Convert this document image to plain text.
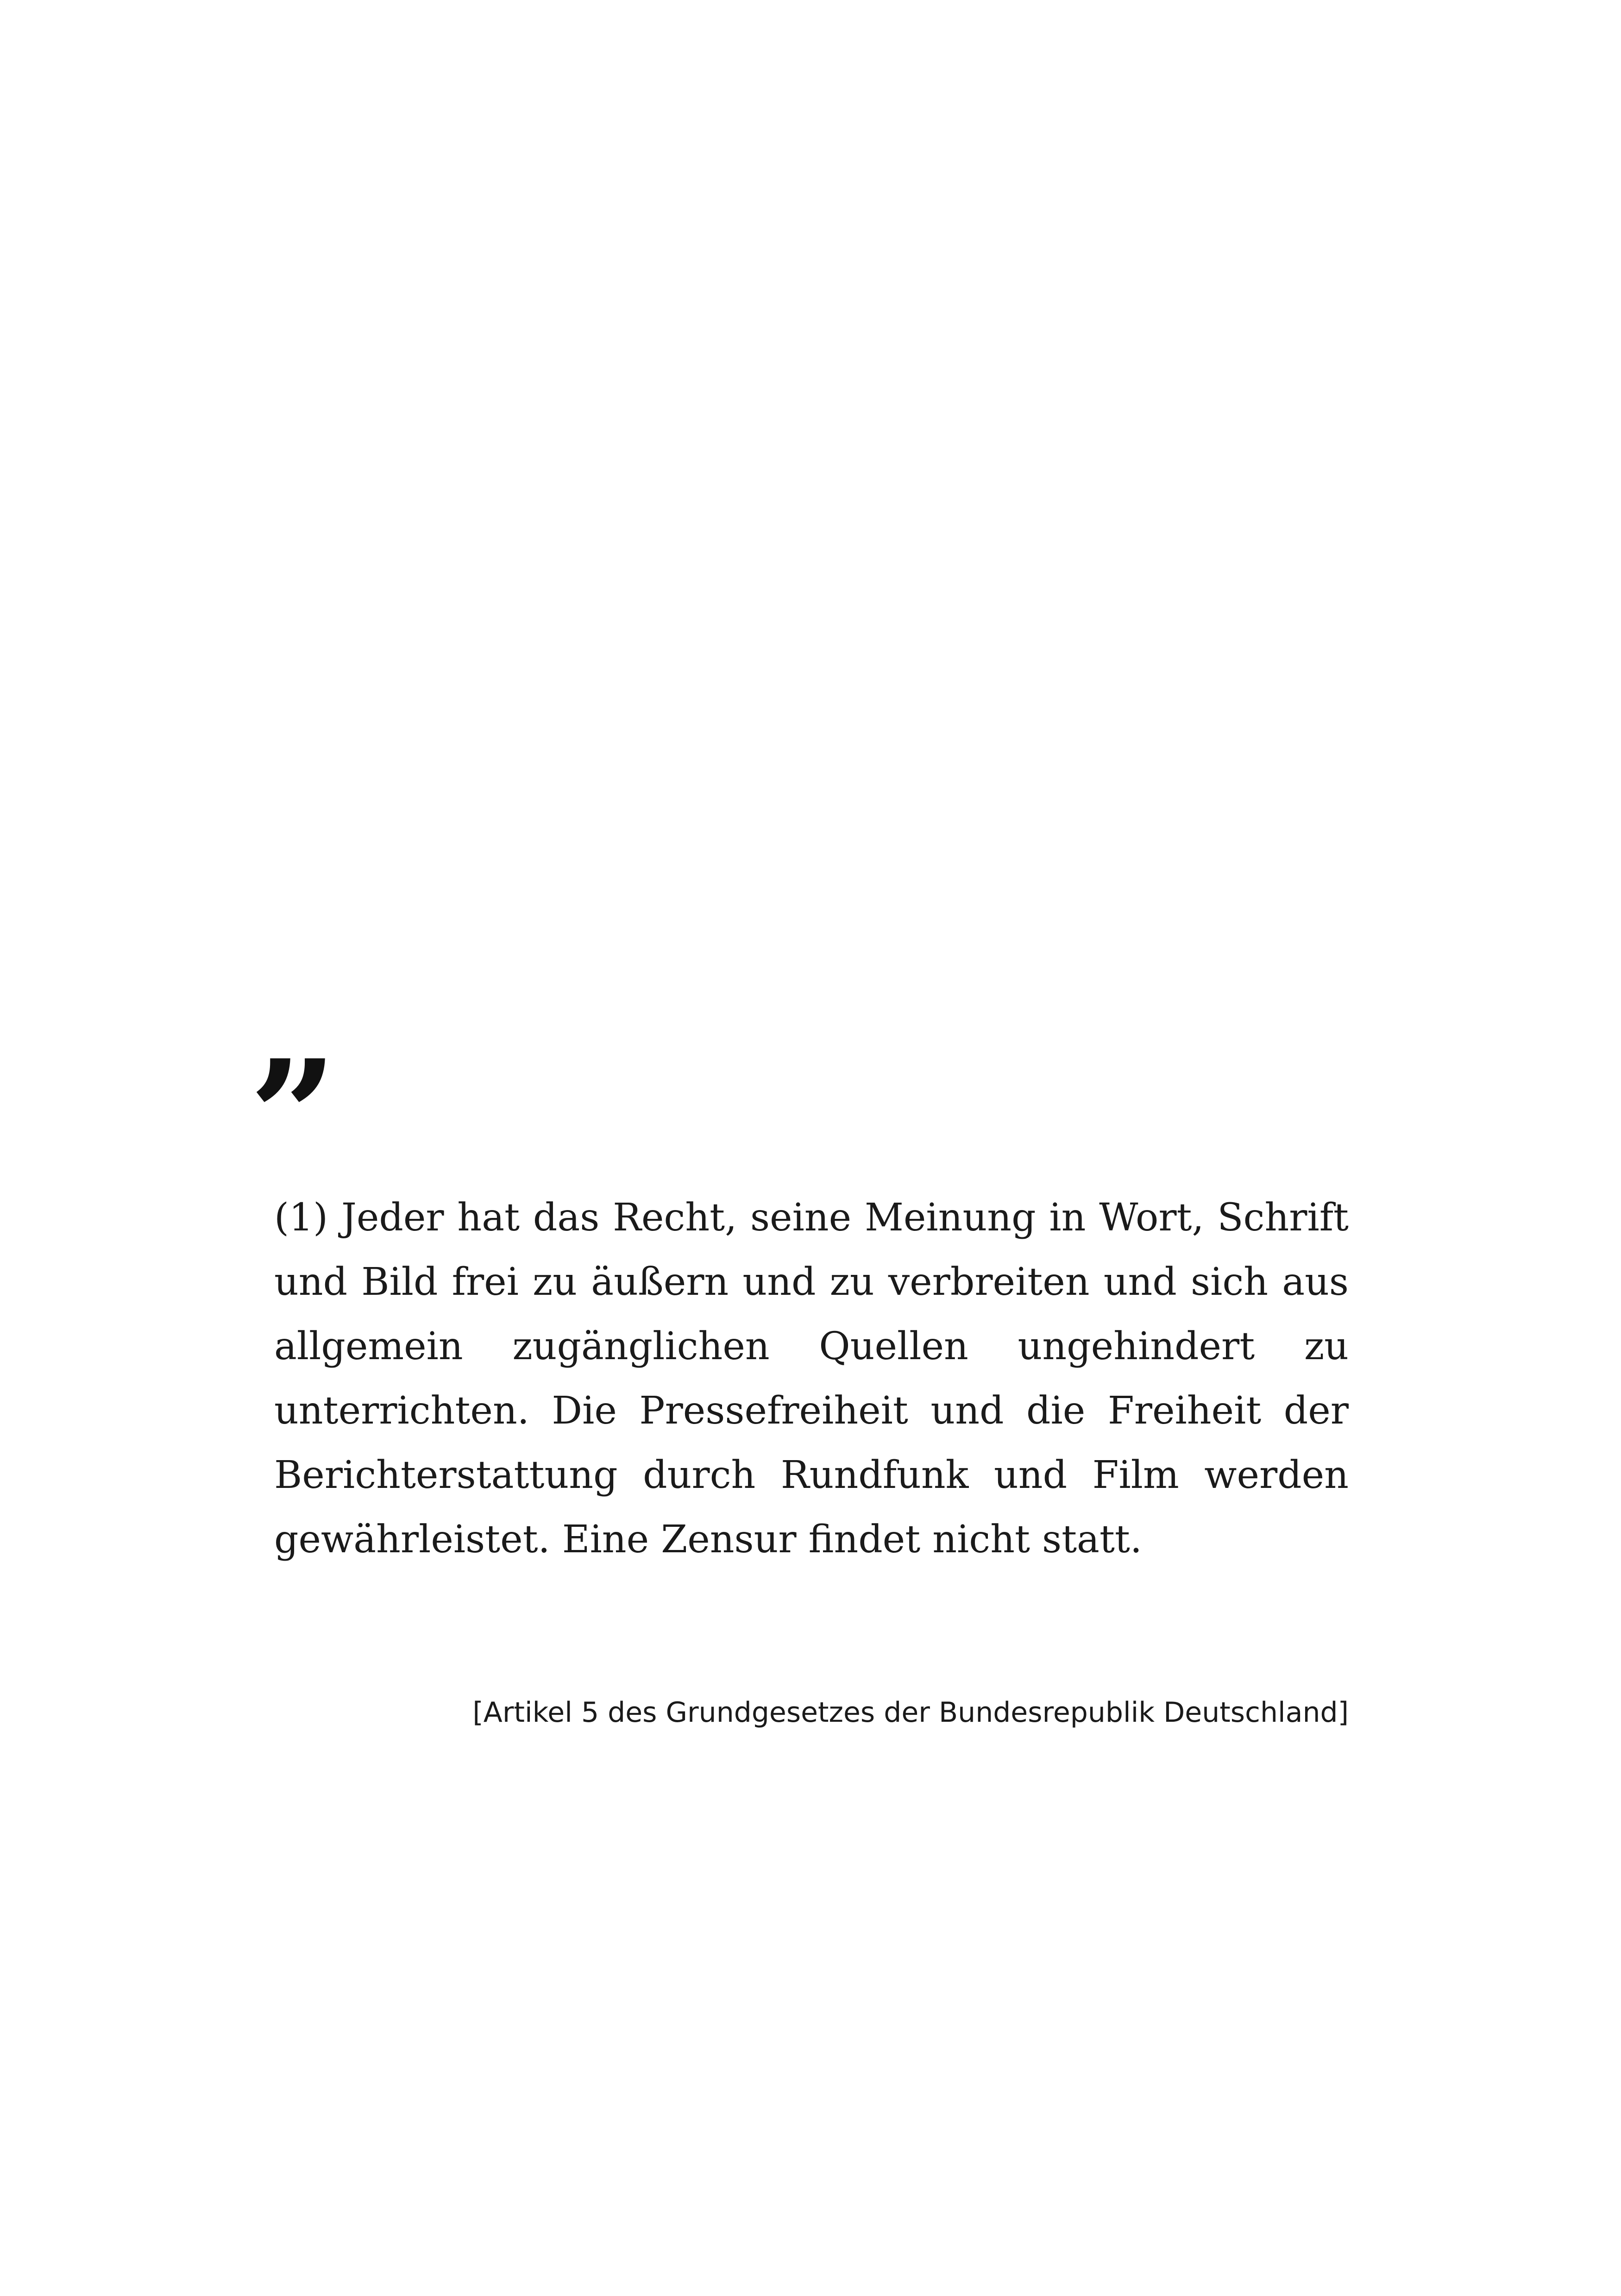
”

(1) Jeder hat das Recht, seine Meinung in Wort, Schrift und Bild frei zu äußern und zu verbreiten und sich aus allgemein zugänglichen Quellen ungehindert zu unterrichten. Die Pressefreiheit und die Freiheit der Berichterstattung durch Rundfunk und Film werden gewährleistet. Eine Zensur findet nicht statt.

[Artikel 5 des Grundgesetzes der Bundesrepublik Deutschland]
